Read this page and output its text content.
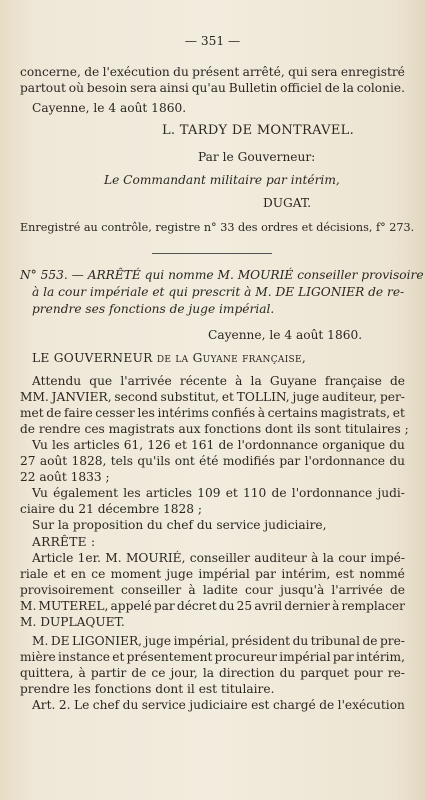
— 351 —
concerne, de l'exécution du présent arrêté, qui sera enregistré
partout où besoin sera ainsi qu'au Bulletin officiel de la colonie.
Cayenne, le 4 août 1860.
L. TARDY DE MONTRAVEL.
Par le Gouverneur:
Le Commandant militaire par intérim,
DUGAT.
Enregistré au contrôle, registre n° 33 des ordres et décisions, f° 273.
N° 553. — ARRÊTÉ qui nomme M. MOURIÉ conseiller provisoire
à la cour impériale et qui prescrit à M. DE LIGONIER de re-
prendre ses fonctions de juge impérial.
Cayenne, le 4 août 1860.
LE GOUVERNEUR de la Guyane française,
Attendu que l'arrivée récente à la Guyane française de
MM. JANVIER, second substitut, et TOLLIN, juge auditeur, per-
met de faire cesser les intérims confiés à certains magistrats, et
de rendre ces magistrats aux fonctions dont ils sont titulaires ;
Vu les articles 61, 126 et 161 de l'ordonnance organique du
27 août 1828, tels qu'ils ont été modifiés par l'ordonnance du
22 août 1833 ;
Vu également les articles 109 et 110 de l'ordonnance judi-
ciaire du 21 décembre 1828 ;
Sur la proposition du chef du service judiciaire,
ARRÊTE :
Article 1er. M. MOURIÉ, conseiller auditeur à la cour impé-
riale et en ce moment juge impérial par intérim, est nommé
provisoirement conseiller à ladite cour jusqu'à l'arrivée de
M. MUTEREL, appelé par décret du 25 avril dernier à remplacer
M. DUPLAQUET.
M. DE LIGONIER, juge impérial, président du tribunal de pre-
mière instance et présentement procureur impérial par intérim,
quittera, à partir de ce jour, la direction du parquet pour re-
prendre les fonctions dont il est titulaire.
Art. 2. Le chef du service judiciaire est chargé de l'exécution
